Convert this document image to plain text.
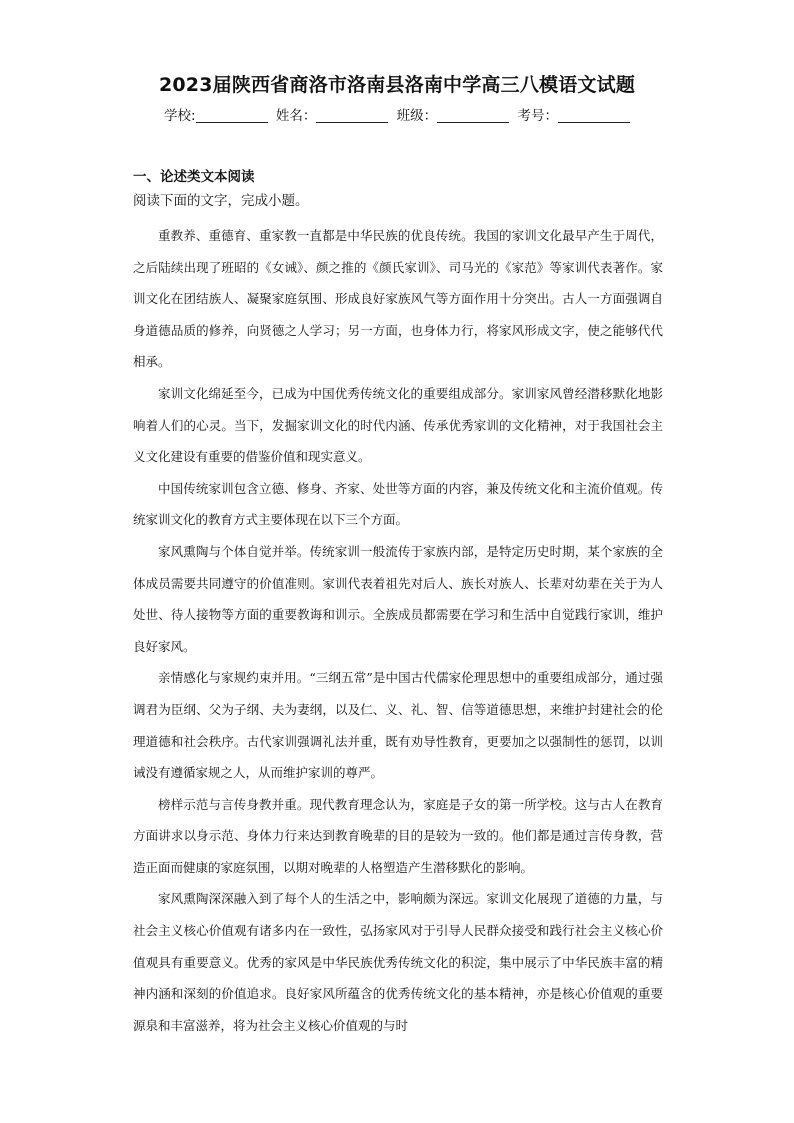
2023届陕西省商洛市洛南县洛南中学高三八模语文试题
学校:	姓名：	班级：	考号：
一、论述类文本阅读
阅读下面的文字，完成小题。

重教养、重德育、重家教一直都是中华民族的优良传统。我国的家训文化最早产生于周代，之后陆续出现了班昭的《女诫》、颜之推的《颜氏家训》、司马光的《家范》等家训代表著作。家训文化在团结族人、凝聚家庭氛围、形成良好家族风气等方面作用十分突出。古人一方面强调自身道德品质的修养，向贤德之人学习；另一方面，也身体力行，将家风形成文字，使之能够代代相承。

家训文化绵延至今，已成为中国优秀传统文化的重要组成部分。家训家风曾经潜移默化地影响着人们的心灵。当下，发掘家训文化的时代内涵、传承优秀家训的文化精神，对于我国社会主义文化建设有重要的借鉴价值和现实意义。

中国传统家训包含立德、修身、齐家、处世等方面的内容，兼及传统文化和主流价值观。传统家训文化的教育方式主要体现在以下三个方面。

家风熏陶与个体自觉并举。传统家训一般流传于家族内部，是特定历史时期，某个家族的全体成员需要共同遵守的价值准则。家训代表着祖先对后人、族长对族人、长辈对幼辈在关于为人处世、待人接物等方面的重要教诲和训示。全族成员都需要在学习和生活中自觉践行家训，维护良好家风。

亲情感化与家规约束并用。“三纲五常”是中国古代儒家伦理思想中的重要组成部分，通过强调君为臣纲、父为子纲、夫为妻纲，以及仁、义、礼、智、信等道德思想，来维护封建社会的伦理道德和社会秩序。古代家训强调礼法并重，既有劝导性教育，更要加之以强制性的惩罚，以训诫没有遵循家规之人，从而维护家训的尊严。

榜样示范与言传身教并重。现代教育理念认为，家庭是子女的第一所学校。这与古人在教育方面讲求以身示范、身体力行来达到教育晚辈的目的是较为一致的。他们都是通过言传身教，营造正面而健康的家庭氛围，以期对晚辈的人格塑造产生潜移默化的影响。

家风熏陶深深融入到了每个人的生活之中，影响颇为深远。家训文化展现了道德的力量，与社会主义核心价值观有诸多内在一致性，弘扬家风对于引导人民群众接受和践行社会主义核心价值观具有重要意义。优秀的家风是中华民族优秀传统文化的积淀，集中展示了中华民族丰富的精神内涵和深刻的价值追求。良好家风所蕴含的优秀传统文化的基本精神，亦是核心价值观的重要源泉和丰富滋养，将为社会主义核心价值观的与时
